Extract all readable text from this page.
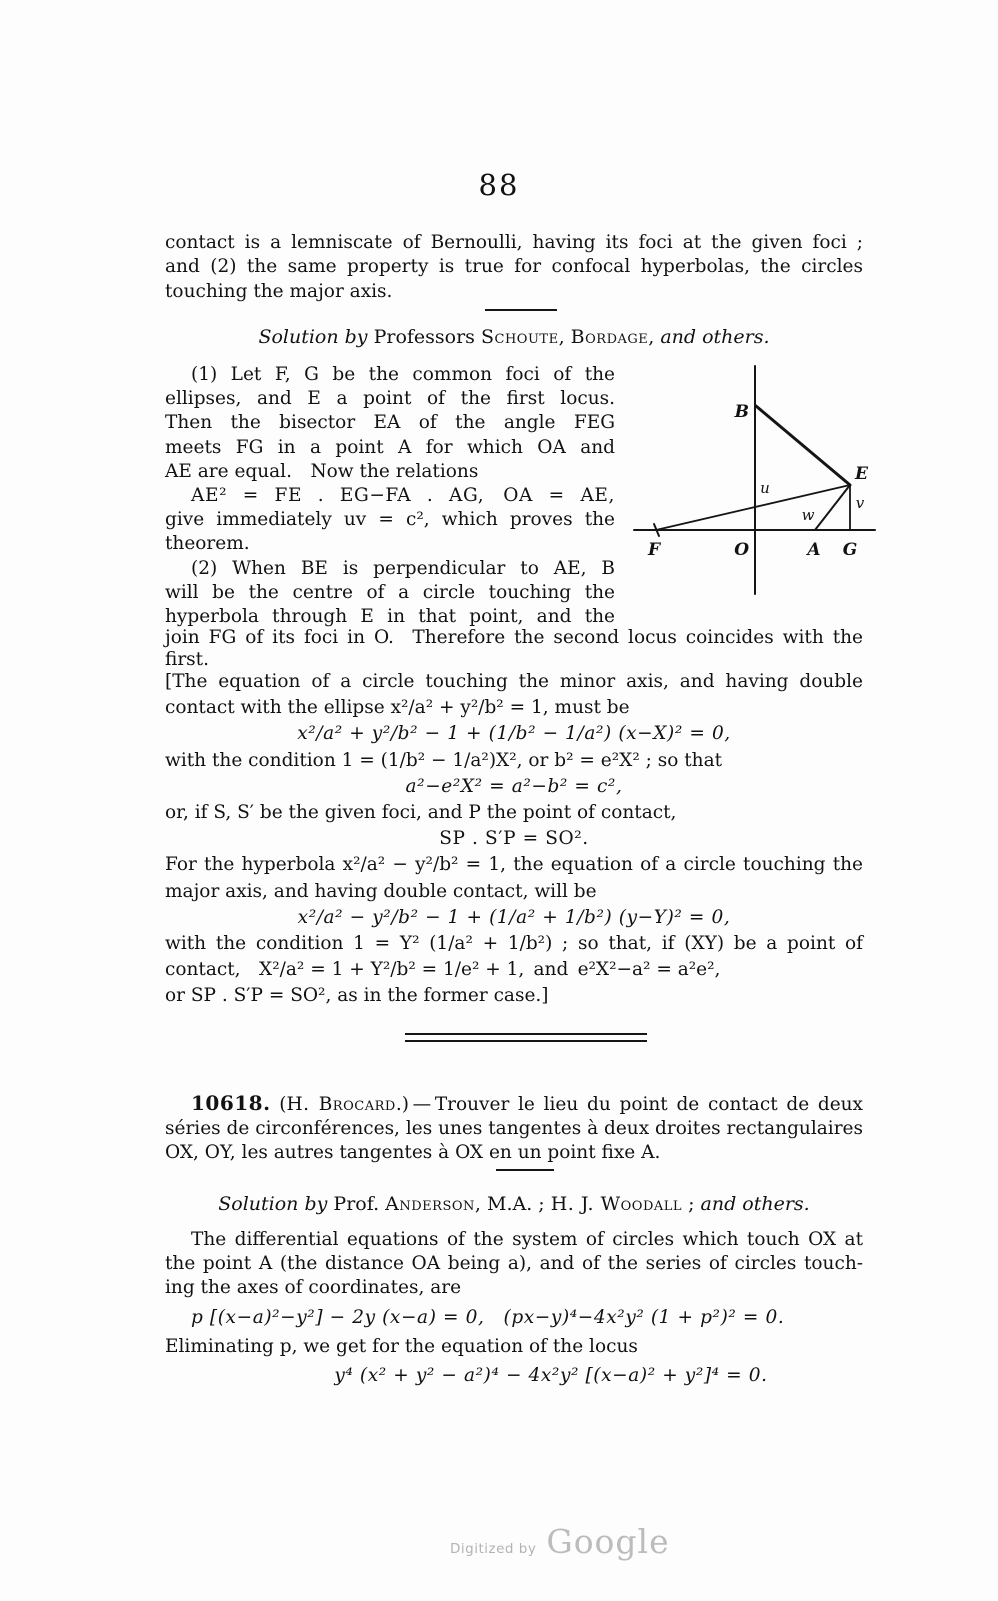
88
contact is a lemniscate of Bernoulli, having its foci at the given foci ;
and (2) the same property is true for confocal hyperbolas, the circles
touching the major axis.
Solution by Professors Schoute, Bordage, and others.
(1) Let F, G be the common foci of the
ellipses, and E a point of the first locus.
Then the bisector EA of the angle FEG
meets FG in a point A for which OA and
AE are equal. Now the relations
AE² = FE . EG−FA . AG, OA = AE,
give immediately uv = c², which proves the
theorem.
(2) When BE is perpendicular to AE, B
will be the centre of a circle touching the
hyperbola through E in that point, and the
B
E
F	O	A G
u
w
v
join FG of its foci in O. Therefore the second locus coincides with the
first.
[The equation of a circle touching the minor axis, and having double
contact with the ellipse x²/a² + y²/b² = 1, must be
x²/a² + y²/b² − 1 + (1/b² − 1/a²) (x−X)² = 0,
with the condition 1 = (1/b² − 1/a²)X², or b² = e²X² ; so that
a²−e²X² = a²−b² = c²,
or, if S, S′ be the given foci, and P the point of contact,
SP . S′P = SO².
For the hyperbola x²/a² − y²/b² = 1, the equation of a circle touching the
major axis, and having double contact, will be
x²/a² − y²/b² − 1 + (1/a² + 1/b²) (y−Y)² = 0,
with the condition 1 = Y² (1/a² + 1/b²) ; so that, if (XY) be a point of
contact, X²/a² = 1 + Y²/b² = 1/e² + 1, and e²X²−a² = a²e²,
or SP . S′P = SO², as in the former case.]
10618. (H. Brocard.) — Trouver le lieu du point de contact de deux
séries de circonférences, les unes tangentes à deux droites rectangulaires
OX, OY, les autres tangentes à OX en un point fixe A.
Solution by Prof. Anderson, M.A. ; H. J. Woodall ; and others.
The differential equations of the system of circles which touch OX at
the point A (the distance OA being a), and of the series of circles touch-
ing the axes of coordinates, are
p [(x−a)²−y²] − 2y (x−a) = 0, (px−y)⁴−4x²y² (1 + p²)² = 0.
Eliminating p, we get for the equation of the locus
y⁴ (x² + y² − a²)⁴ − 4x²y² [(x−a)² + y²]⁴ = 0.
Digitized by Google
